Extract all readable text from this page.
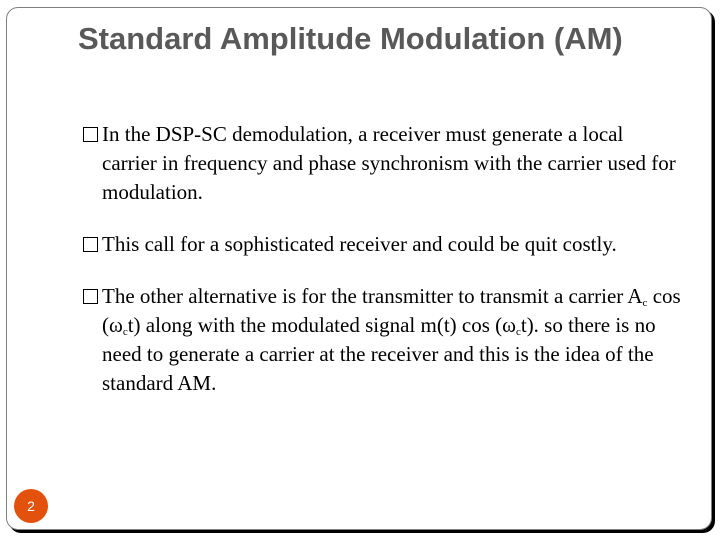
Standard Amplitude Modulation (AM)

In the DSP-SC demodulation, a receiver must generate a local carrier in frequency and phase synchronism with the carrier used for modulation.

This call for a sophisticated receiver and could be quit costly.

The other alternative is for the transmitter to transmit a carrier $A_c$ $\cos (\omega_ct)$ along with the modulated signal m(t) $\cos (\omega_ct)$. so there is no need to generate a carrier at the receiver and this is the idea of the standard AM.

2
